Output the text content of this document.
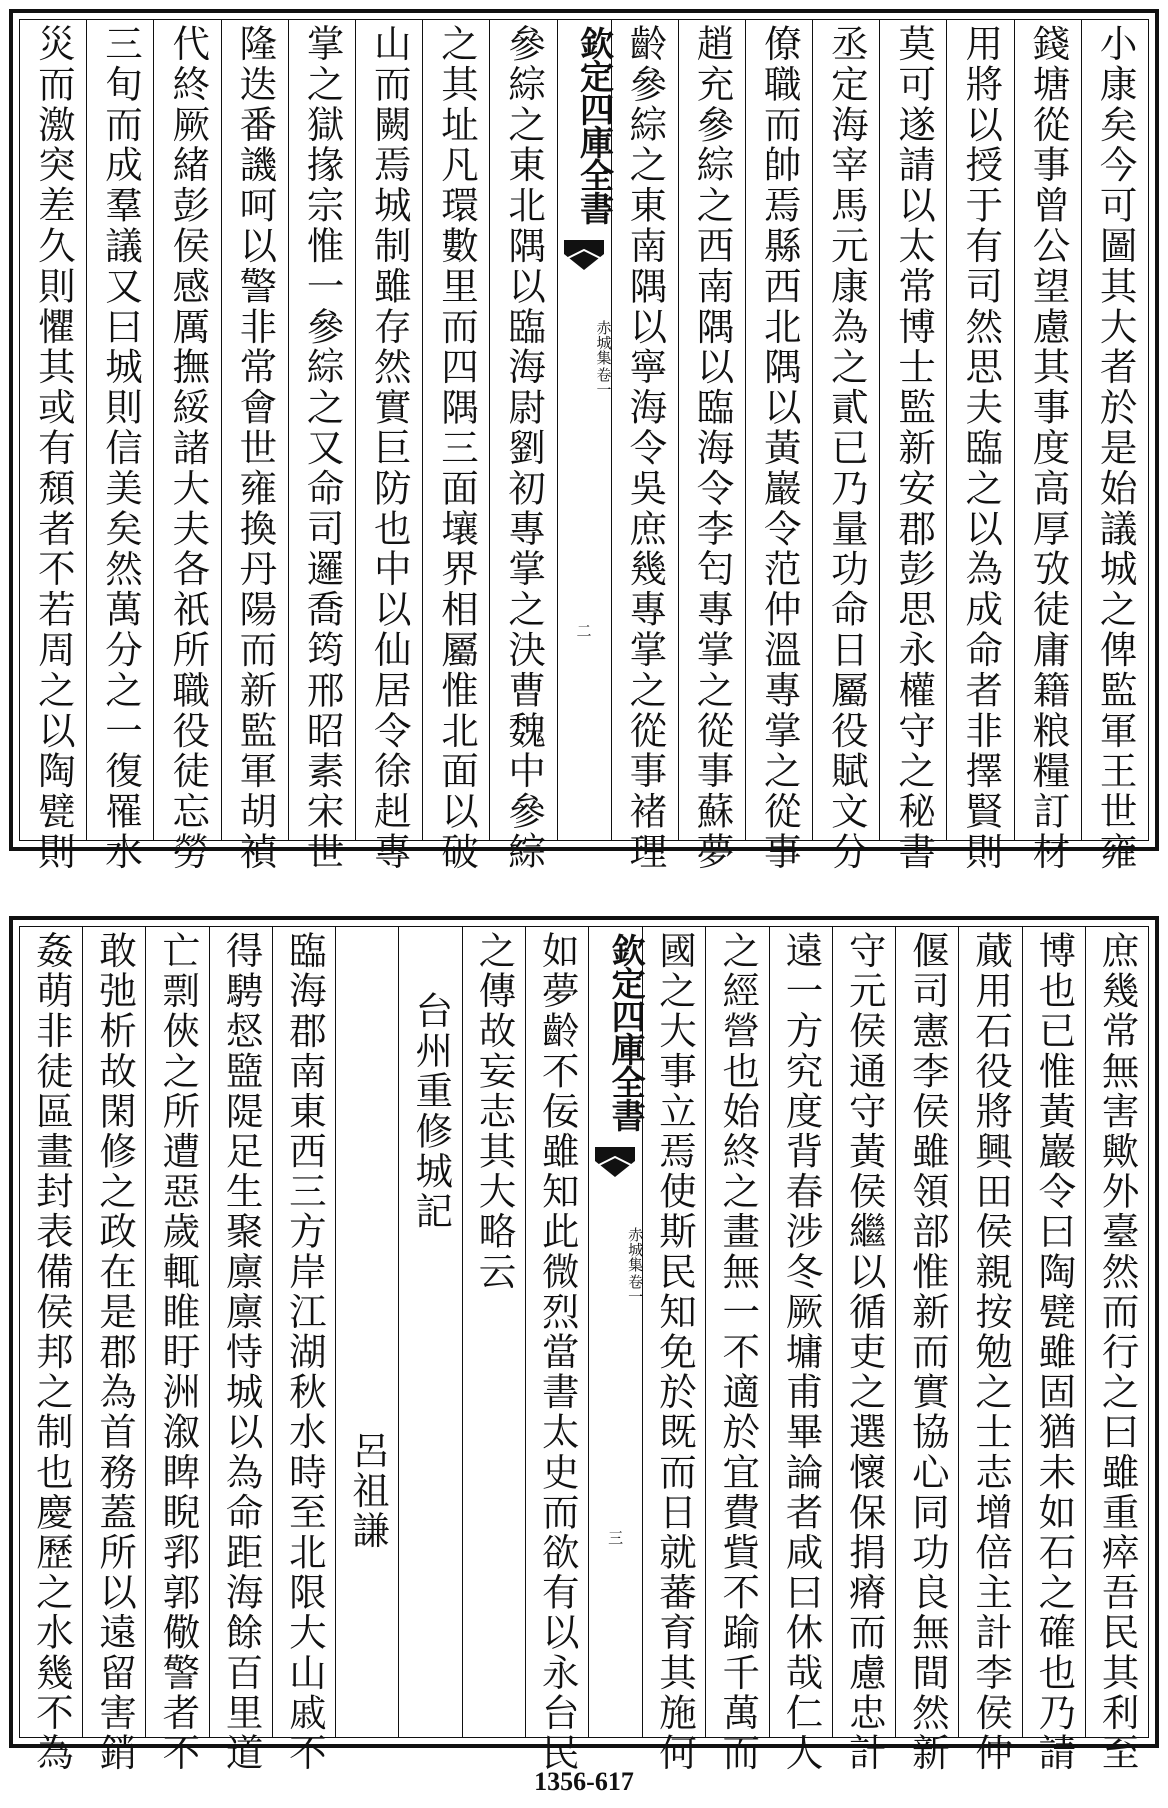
小康矣今可圖其大者於是始議城之俾監軍王世雍
錢塘從事曾公望慮其事度高厚攷徒庸籍粮糧訂材
用將以授于有司然思夫臨之以為成命者非擇賢則
莫可遂請以太常博士監新安郡彭思永權守之秘書
丞定海宰馬元康為之貳已乃量功命日屬役賦文分
僚職而帥焉縣西北隅以黃巖令范仲溫專掌之從事
趙充參綜之西南隅以臨海令李匄專掌之從事蘇夢
齡參綜之東南隅以寧海令吳庶幾專掌之從事褚理
欽定四庫全書
赤城集
卷一
二
參綜之東北隅以臨海尉劉初專掌之決曹魏中參綜
之其址凡環數里而四隅三面壤界相屬惟北面以破
山而闕焉城制雖存然實巨防也中以仙居令徐赳專
掌之獄掾宗惟一參綜之又命司邏喬筠邢昭素宋世
隆迭番譏呵以警非常會世雍換丹陽而新監軍胡禎
代終厥緒彭侯感厲撫綏諸大夫各祇所職役徒忘勞
三旬而成羣議又曰城則信美矣然萬分之一復罹水
災而激突差久則懼其或有頹者不若周之以陶甓則
庶幾常無害歟外臺然而行之曰雖重瘁吾民其利至
博也已惟黃巖令曰陶甓雖固猶未如石之確也乃請
蕆用石役將興田侯親按勉之士志增倍主計李侯仲
偃司憲李侯雖領部惟新而實協心同功良無間然新
守元侯通守黃侯繼以循吏之選懷保捐瘠而慮忠計
遠一方究度背春涉冬厥墉甫畢論者咸曰休哉仁人
之經營也始終之畫無一不適於宜費貲不踰千萬而
國之大事立焉使斯民知免於既而日就蕃育其施何
欽定四庫全書
赤城集
卷一
三
如夢齡不佞雖知此微烈當書太史而欲有以永台民
之傳故妄志其大略云
台州重修城記
呂祖謙
臨海郡南東西三方岸江湖秋水時至北限大山戚不
得騁惄盬隄足生聚廪廪恃城以為命距海餘百里道
亡剽俠之所遭惡歲輒睢盱洲溆睥睨郛郭儆警者不
敢弛析故閑修之政在是郡為首務蓋所以遠留害銷
姦萌非徒區畫封表備侯邦之制也慶歷之水幾不為
1356-617
